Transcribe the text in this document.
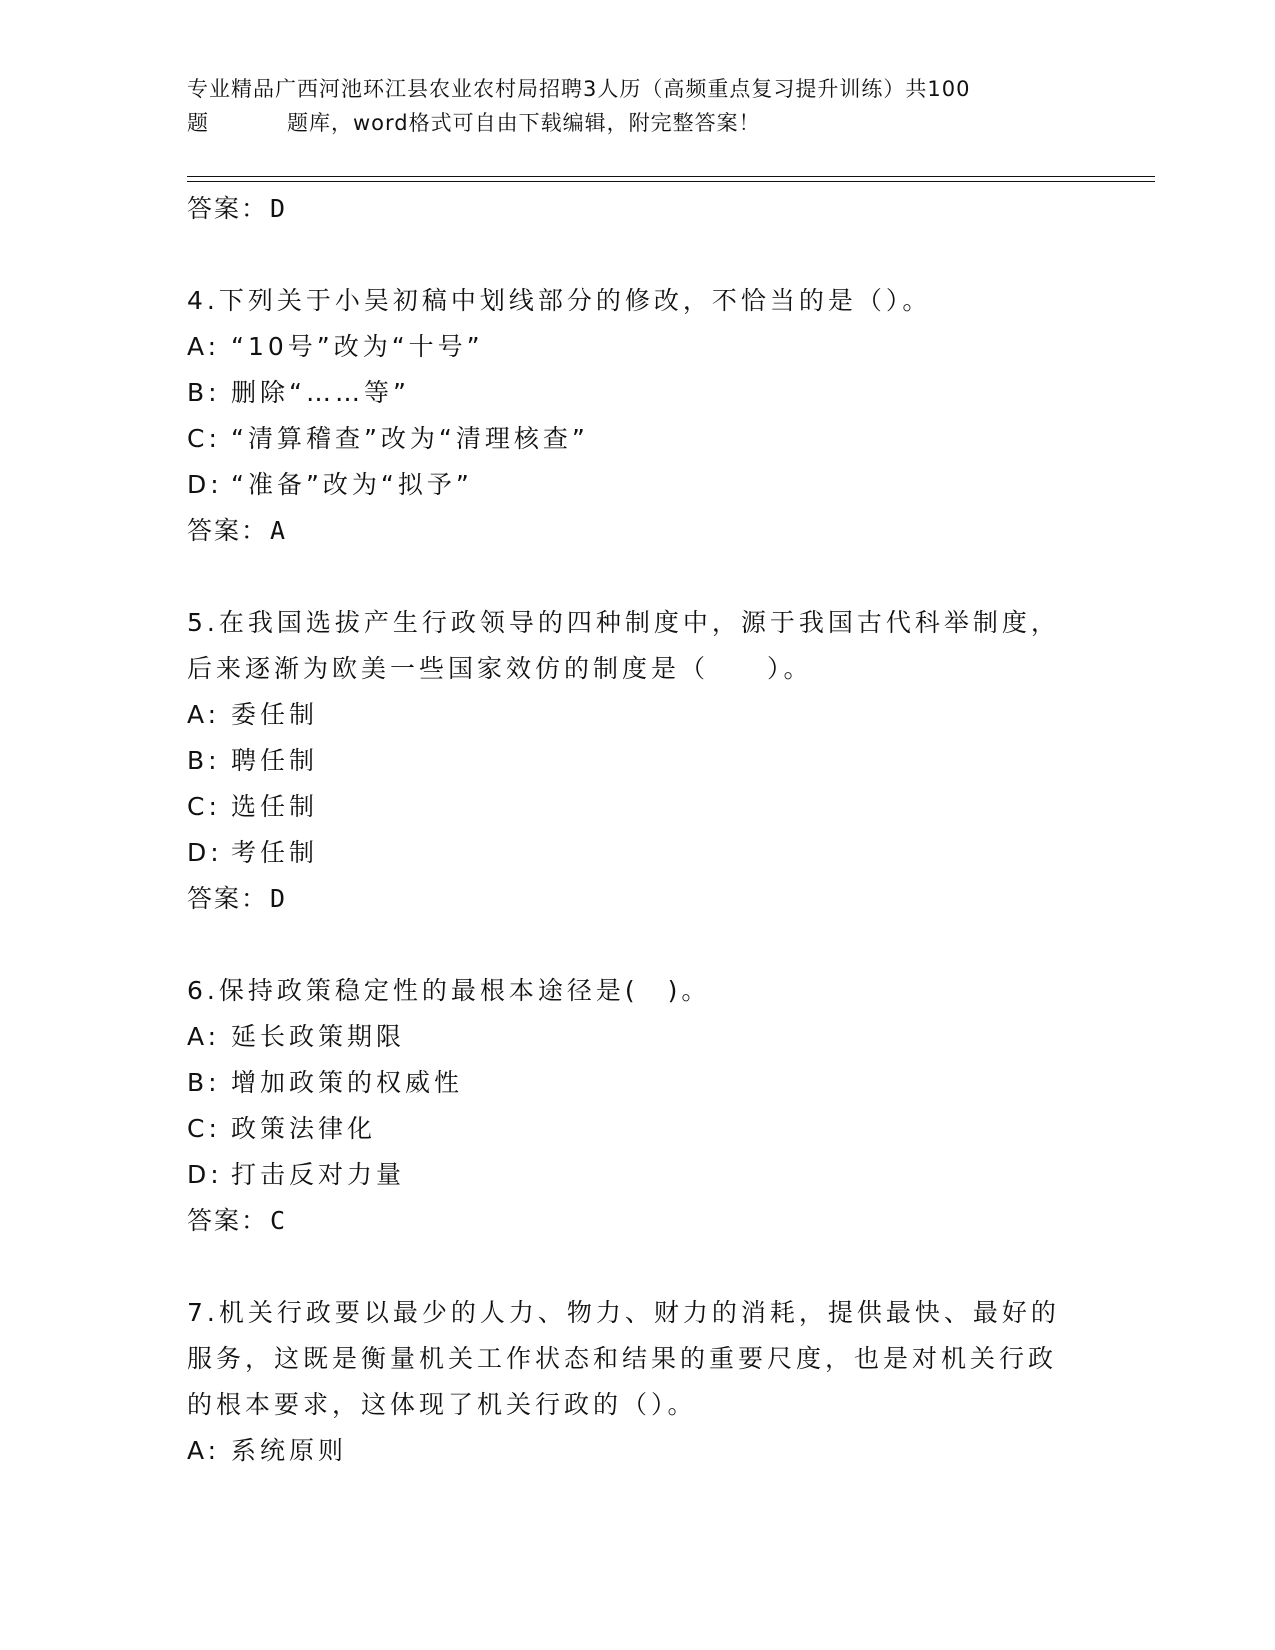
专业精品广西河池环江县农业农村局招聘3人历（高频重点复习提升训练）共100
题	题库，word格式可自由下载编辑，附完整答案！
答案：D
4.下列关于小吴初稿中划线部分的修改，不恰当的是（）。
A: “10号”改为“十号”
B: 删除“……等”
C: “清算稽查”改为“清理核查”
D: “准备”改为“拟予”
答案：A
5.在我国选拔产生行政领导的四种制度中，源于我国古代科举制度，
后来逐渐为欧美一些国家效仿的制度是（　　）。
A: 委任制
B: 聘任制
C: 选任制
D: 考任制
答案：D
6.保持政策稳定性的最根本途径是(　)。
A: 延长政策期限
B: 增加政策的权威性
C: 政策法律化
D: 打击反对力量
答案：C
7.机关行政要以最少的人力、物力、财力的消耗，提供最快、最好的
服务，这既是衡量机关工作状态和结果的重要尺度，也是对机关行政
的根本要求，这体现了机关行政的（）。
A: 系统原则
